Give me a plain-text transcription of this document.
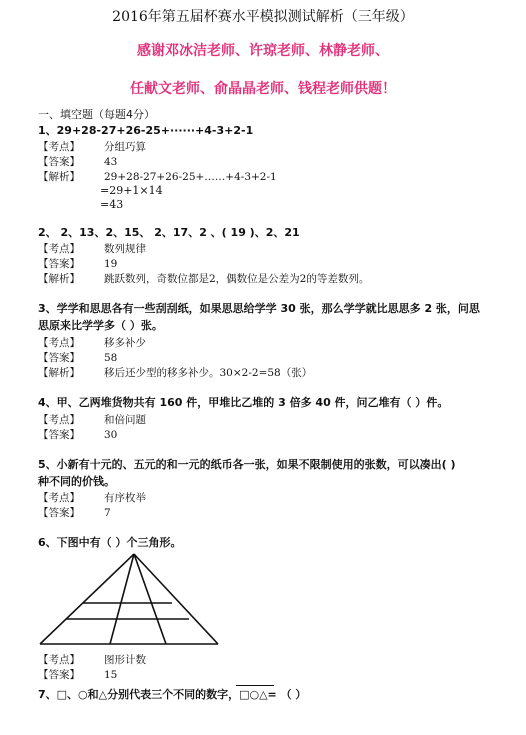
2016年第五届杯赛水平模拟测试解析（三年级）
感谢邓冰洁老师、许琼老师、林静老师、
任献文老师、俞晶晶老师、钱程老师供题！
一、填空题（每题4分）
1、29+28-27+26-25+······+4-3+2-1
【考点】 分组巧算
【答案】 43
【解析】 29+28-27+26-25+……+4-3+2-1
=29+1×14
=43
2、 2、13、2、15、 2、17、2 、( 19 )、2、21
【考点】 数列规律
【答案】 19
【解析】 跳跃数列，奇数位都是2，偶数位是公差为2的等差数列。
3、学学和思思各有一些刮刮纸，如果思思给学学 30 张，那么学学就比思思多 2 张，问思
思原来比学学多（ ）张。
【考点】 移多补少
【答案】 58
【解析】 移后还少型的移多补少。30×2-2=58（张）
4、甲、乙两堆货物共有 160 件，甲堆比乙堆的 3 倍多 40 件，问乙堆有（ ）件。
【考点】 和倍问题
【答案】 30
5、小新有十元的、五元的和一元的纸币各一张，如果不限制使用的张数，可以凑出( )
种不同的价钱。
【考点】 有序枚举
【答案】 7
6、下图中有（ ）个三角形。
【考点】 图形计数
【答案】 15
7、□、○和△分别代表三个不同的数字，□○△= （ ）
